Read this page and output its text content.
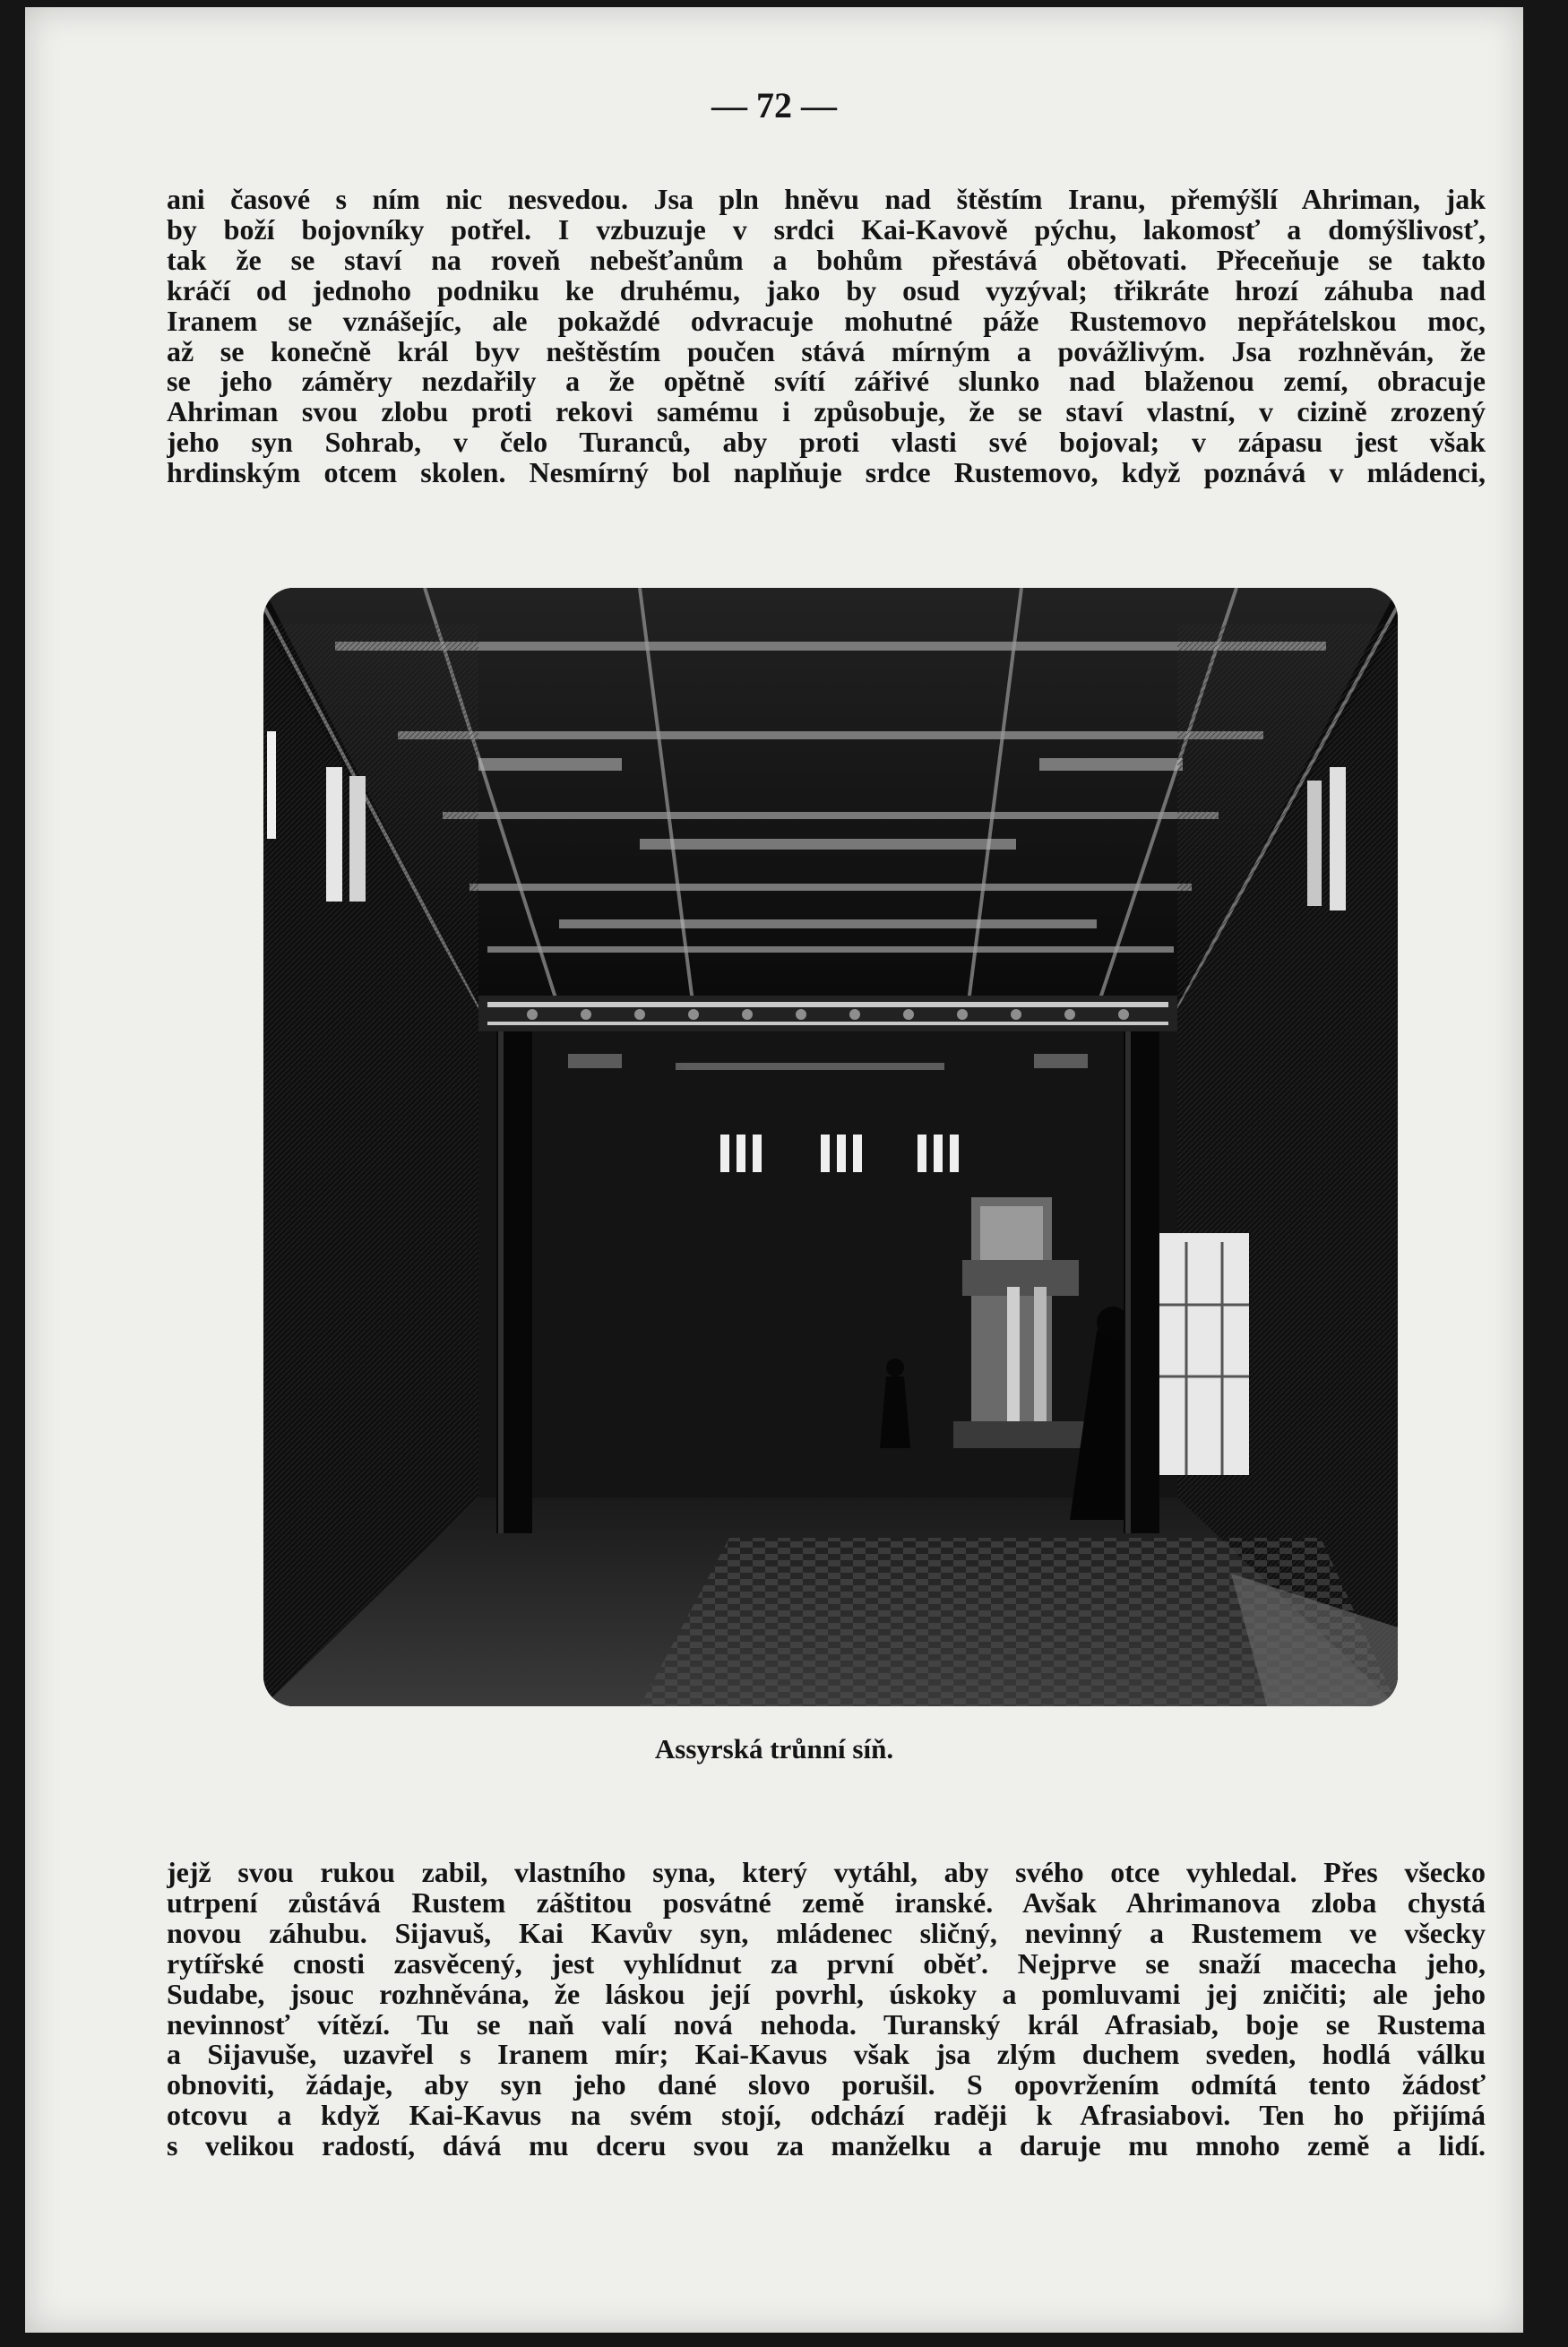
— 72 —
ani časové s ním nic nesvedou. Jsa pln hněvu nad štěstím Iranu, přemýšlí Ahriman, jak
by boží bojovníky potřel. I vzbuzuje v srdci Kai-Kavově pýchu, lakomosť a domýšlivosť,
tak že se staví na roveň nebešťanům a bohům přestává obětovati. Přeceňuje se takto
kráčí od jednoho podniku ke druhému, jako by osud vyzýval; třikráte hrozí záhuba nad
Iranem se vznášejíc, ale pokaždé odvracuje mohutné páže Rustemovo nepřátelskou moc,
až se konečně král byv neštěstím poučen stává mírným a povážlivým. Jsa rozhněván, že
se jeho záměry nezdařily a že opětně svítí zářivé slunko nad blaženou zemí, obracuje
Ahriman svou zlobu proti rekovi samému i způsobuje, že se staví vlastní, v cizině zrozený
jeho syn Sohrab, v čelo Turanců, aby proti vlasti své bojoval; v zápasu jest však
hrdinským otcem skolen. Nesmírný bol naplňuje srdce Rustemovo, když poznává v mládenci,
Assyrská trůnní síň.
jejž svou rukou zabil, vlastního syna, který vytáhl, aby svého otce vyhledal. Přes všecko
utrpení zůstává Rustem záštitou posvátné země iranské. Avšak Ahrimanova zloba chystá
novou záhubu. Sijavuš, Kai Kavův syn, mládenec sličný, nevinný a Rustemem ve všecky
rytířské cnosti zasvěcený, jest vyhlídnut za první oběť. Nejprve se snaží macecha jeho,
Sudabe, jsouc rozhněvána, že láskou její povrhl, úskoky a pomluvami jej zničiti; ale jeho
nevinnosť vítězí. Tu se naň valí nová nehoda. Turanský král Afrasiab, boje se Rustema
a Sijavuše, uzavřel s Iranem mír; Kai-Kavus však jsa zlým duchem sveden, hodlá válku
obnoviti, žádaje, aby syn jeho dané slovo porušil. S opovržením odmítá tento žádosť
otcovu a když Kai-Kavus na svém stojí, odchází raději k Afrasiabovi. Ten ho přijímá
s velikou radostí, dává mu dceru svou za manželku a daruje mu mnoho země a lidí.
